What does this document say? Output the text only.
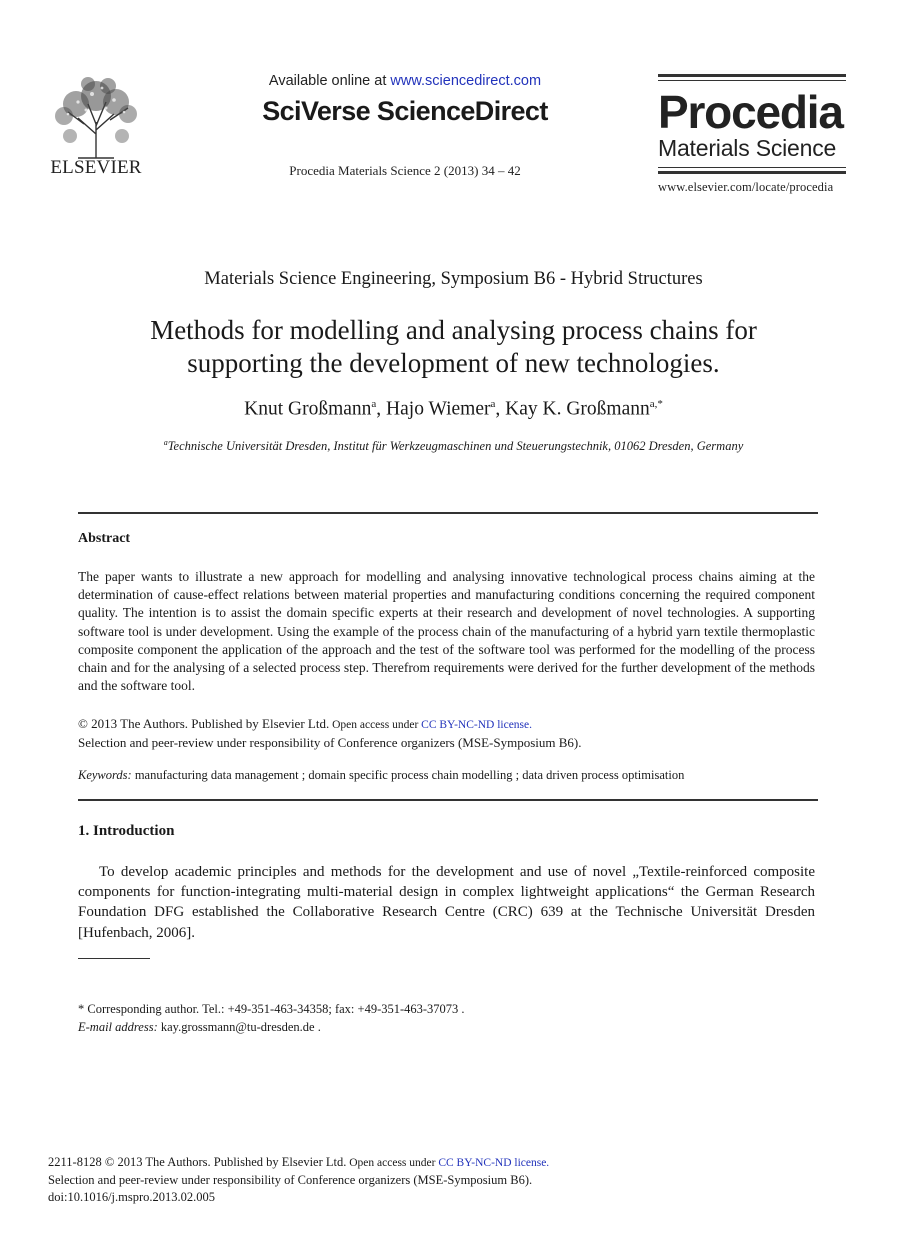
ELSEVIER
Available online at www.sciencedirect.com
SciVerse ScienceDirect
Procedia Materials Science 2 (2013) 34 – 42
Procedia
Materials Science
www.elsevier.com/locate/procedia
Materials Science Engineering, Symposium B6 - Hybrid Structures
Methods for modelling and analysing process chains for
supporting the development of new technologies.
Knut Großmann$^a$, Hajo Wiemer$^a$, Kay K. Großmann$^{a,*}$
$^a$Technische Universität Dresden, Institut für Werkzeugmaschinen und Steuerungstechnik, 01062 Dresden, Germany
Abstract
The paper wants to illustrate a new approach for modelling and analysing innovative technological process chains aiming at the determination of cause-effect relations between material properties and manufacturing conditions concerning the required component quality. The intention is to assist the domain specific experts at their research and development of novel technologies. A supporting software tool is under development. Using the example of the process chain of the manufacturing of a hybrid yarn textile thermoplastic composite component the application of the approach and the test of the software tool was performed for the modelling of the process chain and for the analysing of a selected process step. Therefrom requirements were derived for the further development of the methods and the software tool.
© 2013 The Authors. Published by Elsevier Ltd. Open access under CC BY-NC-ND license.
Selection and peer-review under responsibility of Conference organizers (MSE-Symposium B6).
Keywords: manufacturing data management ; domain specific process chain modelling ; data driven process optimisation
1. Introduction
To develop academic principles and methods for the development and use of novel „Textile-reinforced composite components for function-integrating multi-material design in complex lightweight applications“ the German Research Foundation DFG established the Collaborative Research Centre (CRC) 639 at the Technische Universität Dresden [Hufenbach, 2006].
* Corresponding author. Tel.: +49-351-463-34358; fax: +49-351-463-37073 .
E-mail address: kay.grossmann@tu-dresden.de .
2211-8128 © 2013 The Authors. Published by Elsevier Ltd. Open access under CC BY-NC-ND license.
Selection and peer-review under responsibility of Conference organizers (MSE-Symposium B6).
doi:10.1016/j.mspro.2013.02.005
